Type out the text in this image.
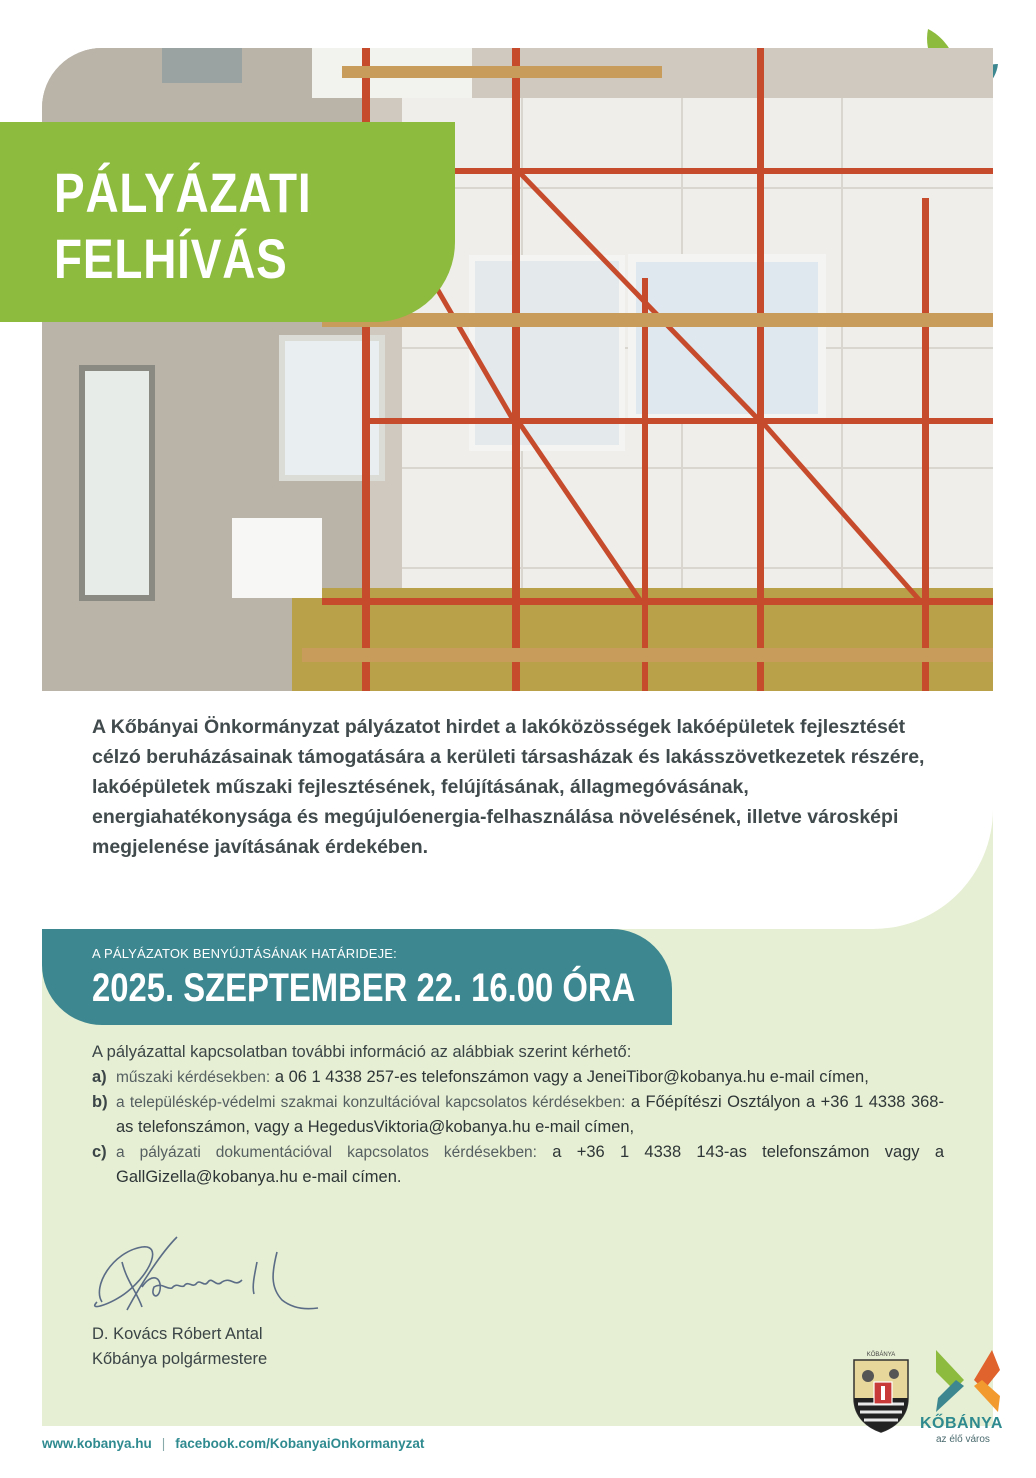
PÁLYÁZATI
FELHÍVÁS
A Kőbányai Önkormányzat pályázatot hirdet a lakóközösségek lakóépületek fejlesztését célzó beruházásainak támogatására a kerületi társasházak és lakásszövetkezetek részére, lakóépületek műszaki fejlesztésének, felújításának, állagmegóvásának, energiahatékonysága és megújulóenergia-felhasználása növelésének, illetve városképi megjelenése javításának érdekében.
A PÁLYÁZATOK BENYÚJTÁSÁNAK HATÁRIDEJE:
2025. SZEPTEMBER 22. 16.00 ÓRA

A pályázattal kapcsolatban további információ az alábbiak szerint kérhető:

a) műszaki kérdésekben: a 06 1 4338 257-es telefonszámon vagy a JeneiTibor@kobanya.hu e-mail címen,
b) a településkép-védelmi szakmai konzultációval kapcsolatos kérdésekben: a Főépítészi Osztályon a +36 1 4338 368-as telefonszámon, vagy a HegedusViktoria@kobanya.hu e-mail címen,
c) a pályázati dokumentációval kapcsolatos kérdésekben: a +36 1 4338 143-as telefonszámon vagy a GallGizella@kobanya.hu e-mail címen.
D. Kovács Róbert Antal
Kőbánya polgármestere	KŐBÁNYA
KŐBÁNYA
az élő város
www.kobanya.hu | facebook.com/KobanyaiOnkormanyzat
